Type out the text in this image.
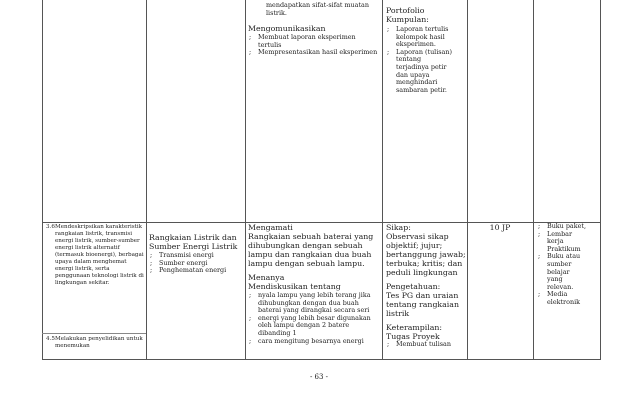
mendapatkan sifat-sifat muatan
listrik.
Mengomunikasikan
; Membuat laporan eksperimen tertulis
; Mempresentasikan hasil eksperimen
Portofolio
Kumpulan:
; Laporan tertulis kelompok hasil eksperimen.
; Laporan (tulisan) tentang terjadinya petir dan upaya menghindari sambaran petir.
3.6 Mendeskripsikan karakteristik rangkaian listrik, transmisi energi listrik, sumber-sumber energi listrik alternatif (termasuk bioenergi), berbagai upaya dalam menghemat energi listrik, serta penggunaan teknologi listrik di lingkungan sekitar.
4.5 Melakukan penyelidikan untuk menemukan
Rangkaian Listrik dan Sumber Energi Listrik
; Transmisi energi
; Sumber energi
; Penghematan energi
Mengamati
Rangkaian sebuah baterai yang dihubungkan dengan sebuah lampu dan rangkaian dua buah lampu dengan sebuah lampu.
Menanya
Mendiskusikan tentang
; nyala lampu yang lebih terang jika dihubungkan dengan dua buah baterai yang dirangkai secara seri
; energi yang lebih besar digunakan oleh lampu dengan 2 batere dibanding 1
; cara mengitung besarnya energi
Sikap:
Observasi sikap objektif; jujur; bertanggung jawab; terbuka; kritis; dan peduli lingkungan
Pengetahuan:
Tes PG dan uraian tentang rangkaian listrik
Keterampilan:
Tugas Proyek
; Membuat tulisan
10 JP
;	Buku paket,
; Lembar kerja Praktikum
; Buku atau sumber belajar yang relevan.
; Media elektronik
- 63 -
